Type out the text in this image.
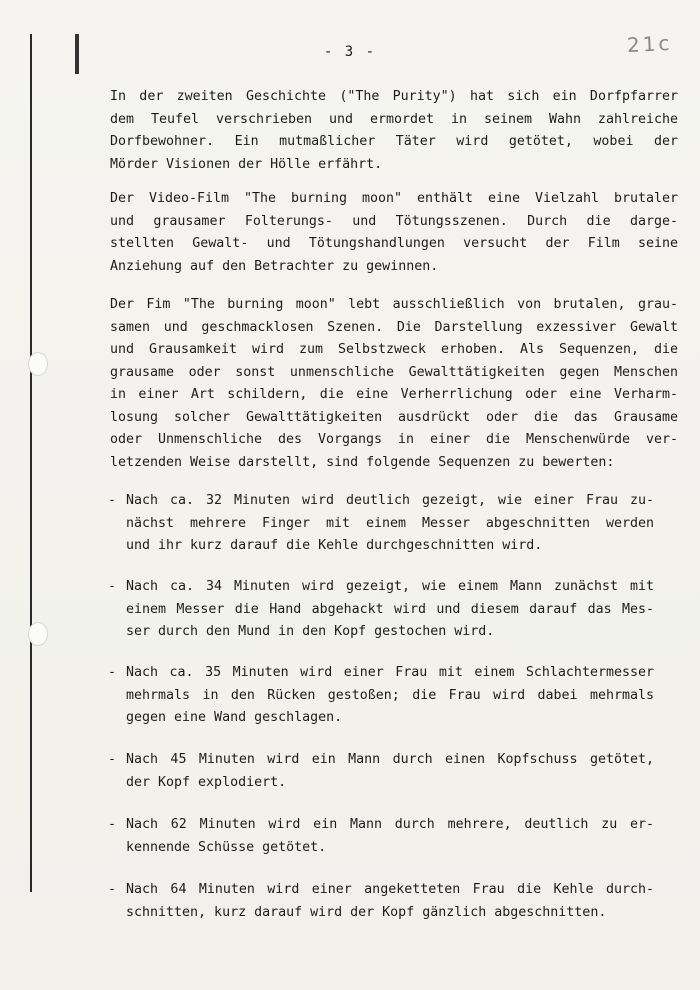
- 3 -	21c
In der zweiten Geschichte ("The Purity") hat sich ein Dorfpfarrer
dem Teufel verschrieben und ermordet in seinem Wahn zahlreiche
Dorfbewohner. Ein mutmaßlicher Täter wird getötet, wobei der
Mörder Visionen der Hölle erfährt.
Der Video-Film "The burning moon" enthält eine Vielzahl brutaler
und grausamer Folterungs- und Tötungsszenen. Durch die darge-
stellten Gewalt- und Tötungshandlungen versucht der Film seine
Anziehung auf den Betrachter zu gewinnen.
Der Fim "The burning moon" lebt ausschließlich von brutalen, grau-
samen und geschmacklosen Szenen. Die Darstellung exzessiver Gewalt
und Grausamkeit wird zum Selbstzweck erhoben. Als Sequenzen, die
grausame oder sonst unmenschliche Gewalttätigkeiten gegen Menschen
in einer Art schildern, die eine Verherrlichung oder eine Verharm-
losung solcher Gewalttätigkeiten ausdrückt oder die das Grausame
oder Unmenschliche des Vorgangs in einer die Menschenwürde ver-
letzenden Weise darstellt, sind folgende Sequenzen zu bewerten:
- Nach ca. 32 Minuten wird deutlich gezeigt, wie einer Frau zu-
nächst mehrere Finger mit einem Messer abgeschnitten werden
und ihr kurz darauf die Kehle durchgeschnitten wird.
- Nach ca. 34 Minuten wird gezeigt, wie einem Mann zunächst mit
einem Messer die Hand abgehackt wird und diesem darauf das Mes-
ser durch den Mund in den Kopf gestochen wird.
- Nach ca. 35 Minuten wird einer Frau mit einem Schlachtermesser
mehrmals in den Rücken gestoßen; die Frau wird dabei mehrmals
gegen eine Wand geschlagen.
- Nach 45 Minuten wird ein Mann durch einen Kopfschuss getötet,
der Kopf explodiert.
- Nach 62 Minuten wird ein Mann durch mehrere, deutlich zu er-
kennende Schüsse getötet.
- Nach 64 Minuten wird einer angeketteten Frau die Kehle durch-
schnitten, kurz darauf wird der Kopf gänzlich abgeschnitten.
